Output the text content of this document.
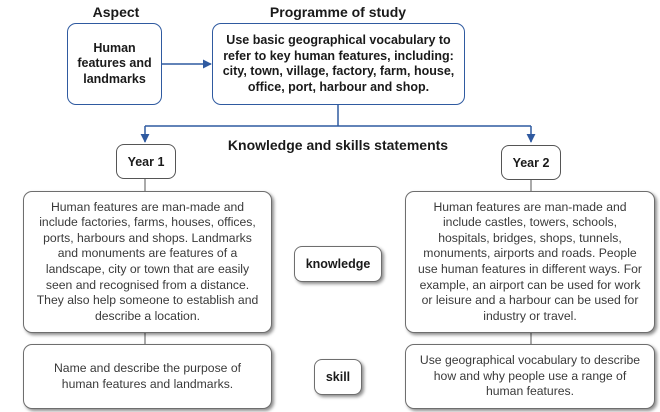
Aspect	Programme of study
Knowledge and skills statements
Human features and landmarks
Use basic geographical vocabulary to refer to key human features, including: city, town, village, factory, farm, house, office, port, harbour and shop.
Year 1	Year 2
Human features are man-made and include factories, farms, houses, offices, ports, harbours and shops. Landmarks and monuments are features of a landscape, city or town that are easily seen and recognised from a distance. They also help someone to establish and describe a location.
Human features are man-made and include castles, towers, schools, hospitals, bridges, shops, tunnels, monuments, airports and roads. People use human features in different ways. For example, an airport can be used for work or leisure and a harbour can be used for industry or travel.
knowledge
Name and describe the purpose of human features and landmarks.
Use geographical vocabulary to describe how and why people use a range of human features.
skill
